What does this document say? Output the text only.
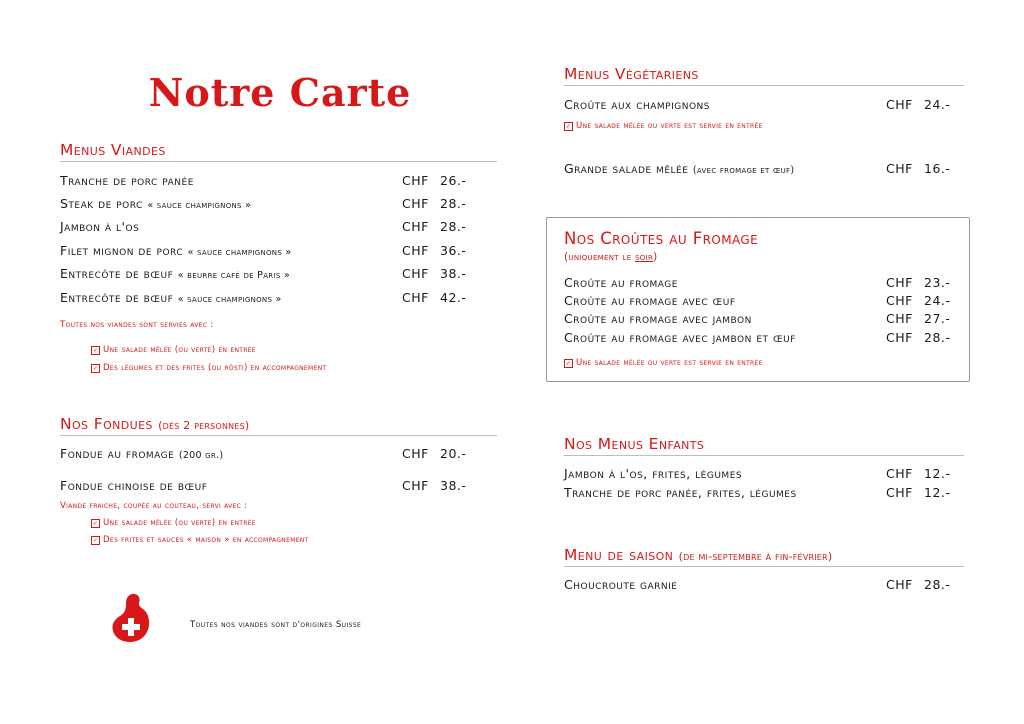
Notre Carte
Menus Viandes
Tranche de porc panée	CHF 26.-
Steak de porc « sauce champignons »	CHF 28.-
Jambon à l'os	CHF 28.-
Filet mignon de porc « sauce champignons »	CHF 36.-
Entrecôte de bœuf « beurre café de Paris »	CHF 38.-
Entrecôte de bœuf « sauce champignons »	CHF 42.-
Toutes nos viandes sont servies avec :
✓ Une salade mêlée (ou verte) en entrée
✓ Des légumes et des frites (ou rösti) en accompagnement
Nos Fondues (dès 2 personnes)
Fondue au fromage (200 gr.)	CHF 20.-
Fondue chinoise de bœuf	CHF 38.-
Viande fraiche, coupée au couteau, servi avec :
✓ Une salade mêlée (ou verte) en entrée
✓ Des frites et sauces « maison » en accompagnement
Toutes nos viandes sont d'origines Suisse
Menus Végétariens
Croûte aux champignons	CHF 24.-
✓ Une salade mêlée ou verte est servie en entrée
Grande salade mêlée (avec fromage et œuf)	CHF 16.-
Nos Croûtes au Fromage
(uniquement le soir)
Croûte au fromage	CHF 23.-
Croûte au fromage avec œuf	CHF 24.-
Croûte au fromage avec jambon	CHF 27.-
Croûte au fromage avec jambon et œuf	CHF 28.-
✓ Une salade mêlée ou verte est servie en entrée
Nos Menus Enfants
Jambon à l'os, frites, légumes	CHF 12.-
Tranche de porc panée, frites, légumes	CHF 12.-
Menu de saison (de mi-septembre à fin-février)
Choucroute garnie	CHF 28.-
